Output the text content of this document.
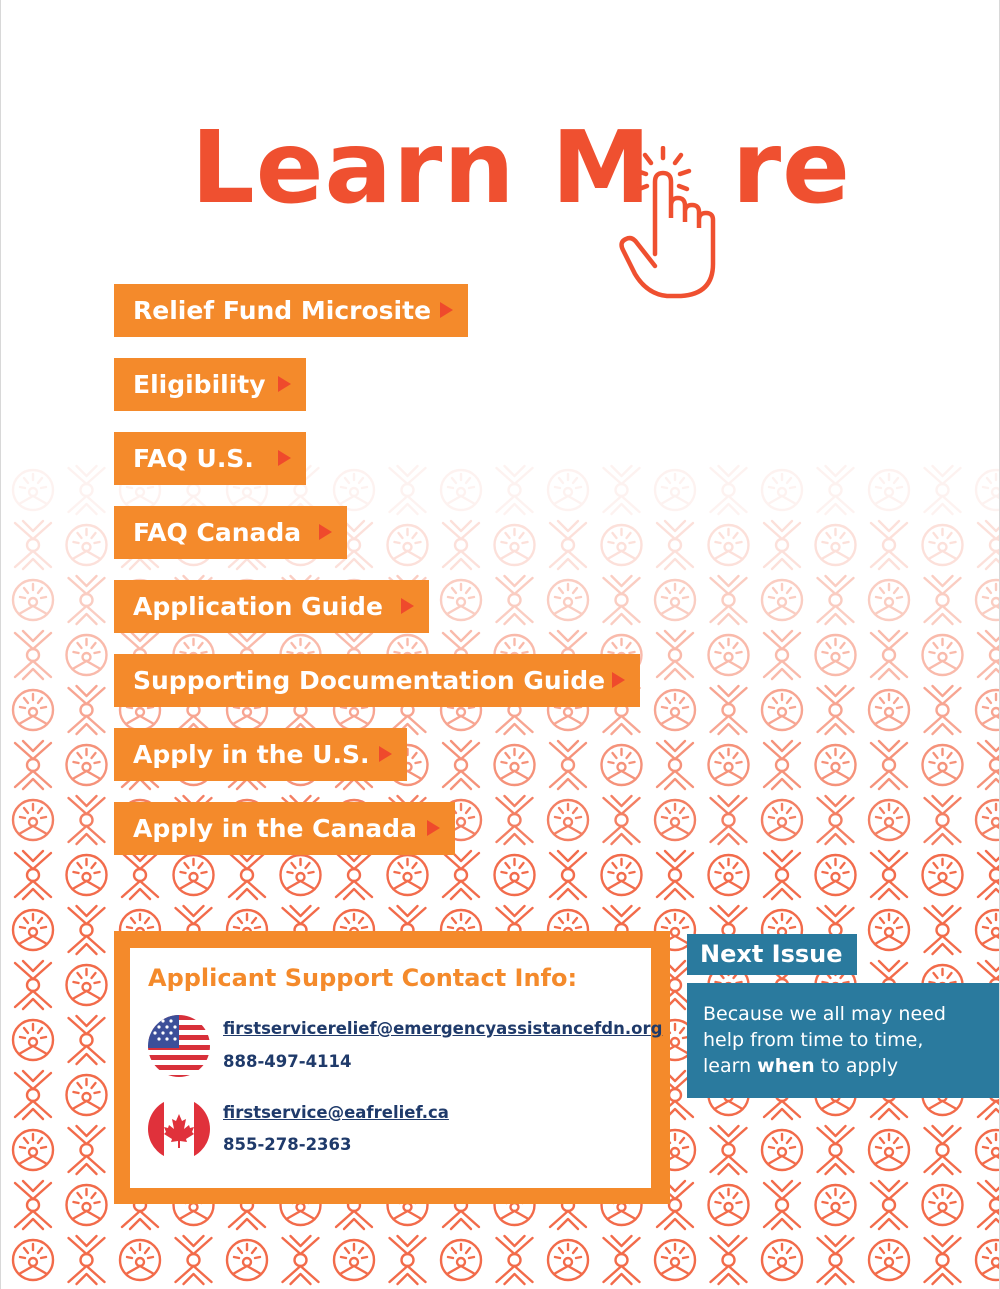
Learn M re
Relief Fund Microsite
Eligibility
FAQ U.S.
FAQ Canada
Application Guide
Supporting Documentation Guide
Apply in the U.S.
Apply in the Canada
Applicant Support Contact Info:
firstservicerelief@emergencyassistancefdn.org
888-497-4114
firstservice@eafrelief.ca
855-278-2363
Next Issue
Because we all may need
help from time to time,
learn when to apply
